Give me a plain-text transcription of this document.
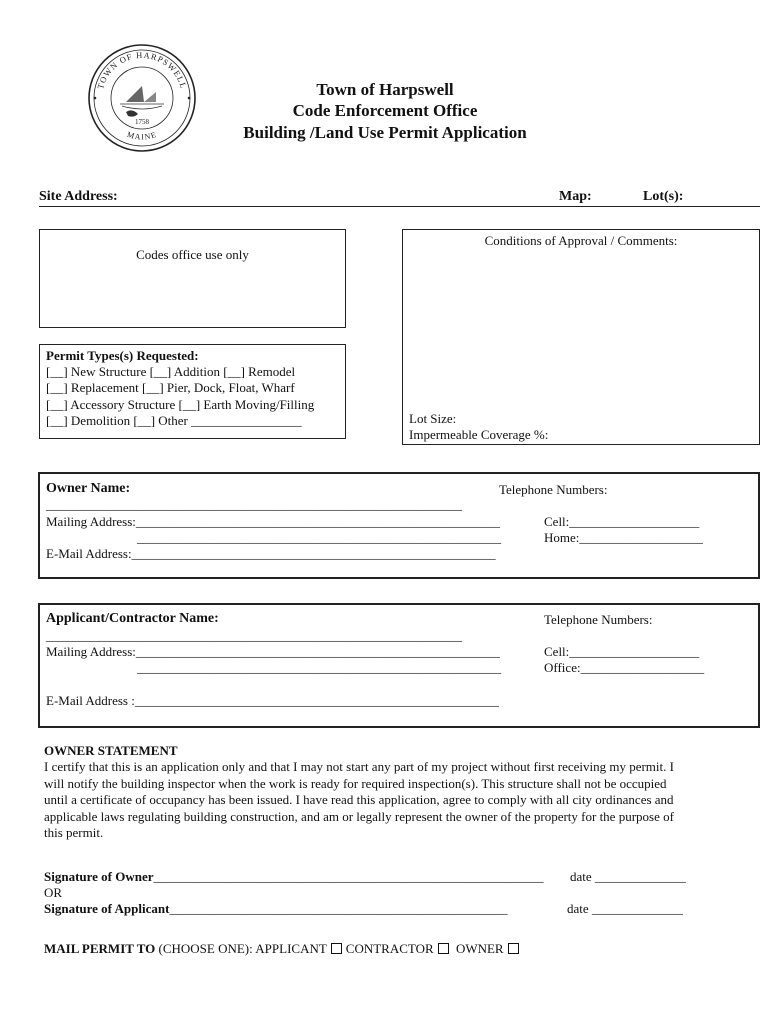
TOWN OF HARPSWELL
MAINE
1758
Town of Harpswell
Code Enforcement Office
Building /Land Use Permit Application
Site Address:	Map:	Lot(s):
Codes office use only
Permit Types(s) Requested:
[__] New Structure [__] Addition [__] Remodel
[__] Replacement [__] Pier, Dock, Float, Wharf
[__] Accessory Structure [__] Earth Moving/Filling
[__] Demolition [__] Other _________________
Conditions of Approval / Comments:
Lot Size:
Impermeable Coverage %:
Owner Name:	Telephone Numbers:
________________________________________________________________
Mailing Address:________________________________________________________
________________________________________________________
E-Mail Address:________________________________________________________
Cell:____________________
Home:___________________
Applicant/Contractor Name:	Telephone Numbers:
________________________________________________________________
Mailing Address:________________________________________________________
________________________________________________________
E-Mail Address :________________________________________________________
Cell:____________________
Office:___________________
OWNER STATEMENT
I certify that this is an application only and that I may not start any part of my project without first receiving my permit. I
will notify the building inspector when the work is ready for required inspection(s). This structure shall not be occupied
until a certificate of occupancy has been issued. I have read this application, agree to comply with all city ordinances and
applicable laws regulating building construction, and am or legally represent the owner of the property for the purpose of
this permit.
Signature of Owner____________________________________________________________ date ______________
OR
Signature of Applicant____________________________________________________	date ______________
MAIL PERMIT TO (CHOOSE ONE): APPLICANT CONTRACTOR OWNER
